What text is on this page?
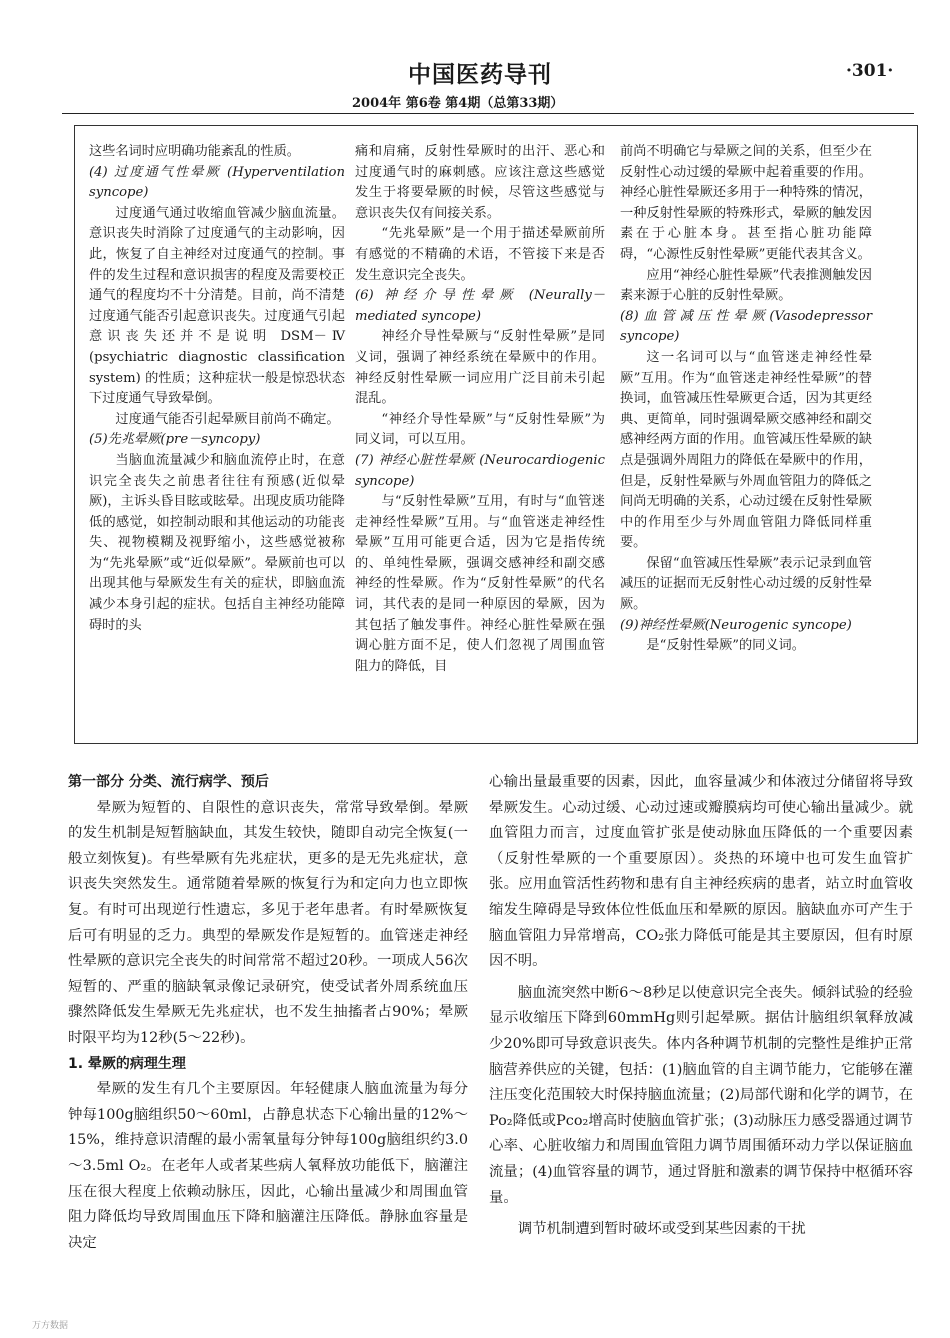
中国医药导刊	·301·
2004年 第6卷 第4期（总第33期）

这些名词时应明确功能紊乱的性质。

(4) 过度通气性晕厥 (Hyperventilation syncope)

过度通气通过收缩血管减少脑血流量。意识丧失时消除了过度通气的主动影响，因此，恢复了自主神经对过度通气的控制。事件的发生过程和意识损害的程度及需要校正通气的程度均不十分清楚。目前，尚不清楚过度通气能否引起意识丧失。过度通气引起意识丧失还并不是说明 DSM－Ⅳ (psychiatric diagnostic classification system) 的性质；这种症状一般是惊恐状态下过度通气导致晕倒。

过度通气能否引起晕厥目前尚不确定。

(5)先兆晕厥(pre－syncopy)

当脑血流量减少和脑血流停止时，在意识完全丧失之前患者往往有预感(近似晕厥)，主诉头昏目眩或眩晕。出现皮质功能降低的感觉，如控制动眼和其他运动的功能丧失、视物模糊及视野缩小，这些感觉被称为“先兆晕厥”或“近似晕厥”。晕厥前也可以出现其他与晕厥发生有关的症状，即脑血流减少本身引起的症状。包括自主神经功能障碍时的头

痛和肩痛，反射性晕厥时的出汗、恶心和过度通气时的麻刺感。应该注意这些感觉发生于将要晕厥的时候，尽管这些感觉与意识丧失仅有间接关系。

“先兆晕厥”是一个用于描述晕厥前所有感觉的不精确的术语，不管接下来是否发生意识完全丧失。

(6) 神经介导性晕厥 (Neurally－mediated syncope)

神经介导性晕厥与“反射性晕厥”是同义词，强调了神经系统在晕厥中的作用。神经反射性晕厥一词应用广泛目前未引起混乱。

“神经介导性晕厥”与“反射性晕厥”为同义词，可以互用。

(7) 神经心脏性晕厥 (Neurocardiogenic syncope)

与“反射性晕厥”互用，有时与“血管迷走神经性晕厥”互用。与“血管迷走神经性晕厥”互用可能更合适，因为它是指传统的、单纯性晕厥，强调交感神经和副交感神经的性晕厥。作为“反射性晕厥”的代名词，其代表的是同一种原因的晕厥，因为其包括了触发事件。神经心脏性晕厥在强调心脏方面不足，使人们忽视了周围血管阻力的降低，目

前尚不明确它与晕厥之间的关系，但至少在反射性心动过缓的晕厥中起着重要的作用。神经心脏性晕厥还多用于一种特殊的情况，一种反射性晕厥的特殊形式，晕厥的触发因素在于心脏本身。甚至指心脏功能障碍，“心源性反射性晕厥”更能代表其含义。

应用“神经心脏性晕厥”代表推测触发因素来源于心脏的反射性晕厥。

(8)血管减压性晕厥(Vasodepressor syncope)

这一名词可以与“血管迷走神经性晕厥”互用。作为“血管迷走神经性晕厥”的替换词，血管减压性晕厥更合适，因为其更经典、更简单，同时强调晕厥交感神经和副交感神经两方面的作用。血管减压性晕厥的缺点是强调外周阻力的降低在晕厥中的作用，但是，反射性晕厥与外周血管阻力的降低之间尚无明确的关系，心动过缓在反射性晕厥中的作用至少与外周血管阻力降低同样重要。

保留“血管减压性晕厥”表示记录到血管减压的证据而无反射性心动过缓的反射性晕厥。

(9)神经性晕厥(Neurogenic syncope)

是“反射性晕厥”的同义词。

第一部分 分类、流行病学、预后

晕厥为短暂的、自限性的意识丧失，常常导致晕倒。晕厥的发生机制是短暂脑缺血，其发生较快，随即自动完全恢复(一般立刻恢复)。有些晕厥有先兆症状，更多的是无先兆症状，意识丧失突然发生。通常随着晕厥的恢复行为和定向力也立即恢复。有时可出现逆行性遗忘，多见于老年患者。有时晕厥恢复后可有明显的乏力。典型的晕厥发作是短暂的。血管迷走神经性晕厥的意识完全丧失的时间常常不超过20秒。一项成人56次短暂的、严重的脑缺氧录像记录研究，使受试者外周系统血压骤然降低发生晕厥无先兆症状，也不发生抽搐者占90%；晕厥时限平均为12秒(5～22秒)。

1. 晕厥的病理生理

晕厥的发生有几个主要原因。年轻健康人脑血流量为每分钟每100g脑组织50～60ml，占静息状态下心输出量的12%～15%，维持意识清醒的最小需氧量每分钟每100g脑组织约3.0～3.5ml O₂。在老年人或者某些病人氧释放功能低下，脑灌注压在很大程度上依赖动脉压，因此，心输出量减少和周围血管阻力降低均导致周围血压下降和脑灌注压降低。静脉血容量是决定

心输出量最重要的因素，因此，血容量减少和体液过分储留将导致晕厥发生。心动过缓、心动过速或瓣膜病均可使心输出量减少。就血管阻力而言，过度血管扩张是使动脉血压降低的一个重要因素（反射性晕厥的一个重要原因）。炎热的环境中也可发生血管扩张。应用血管活性药物和患有自主神经疾病的患者，站立时血管收缩发生障碍是导致体位性低血压和晕厥的原因。脑缺血亦可产生于脑血管阻力异常增高，CO₂张力降低可能是其主要原因，但有时原因不明。

脑血流突然中断6～8秒足以使意识完全丧失。倾斜试验的经验显示收缩压下降到60mmHg则引起晕厥。据估计脑组织氧释放减少20%即可导致意识丧失。体内各种调节机制的完整性是维护正常脑营养供应的关键，包括：(1)脑血管的自主调节能力，它能够在灌注压变化范围较大时保持脑血流量；(2)局部代谢和化学的调节，在Po₂降低或Pco₂增高时使脑血管扩张；(3)动脉压力感受器通过调节心率、心脏收缩力和周围血管阻力调节周围循环动力学以保证脑血流量；(4)血管容量的调节，通过肾脏和激素的调节保持中枢循环容量。

调节机制遭到暂时破坏或受到某些因素的干扰

万方数据
